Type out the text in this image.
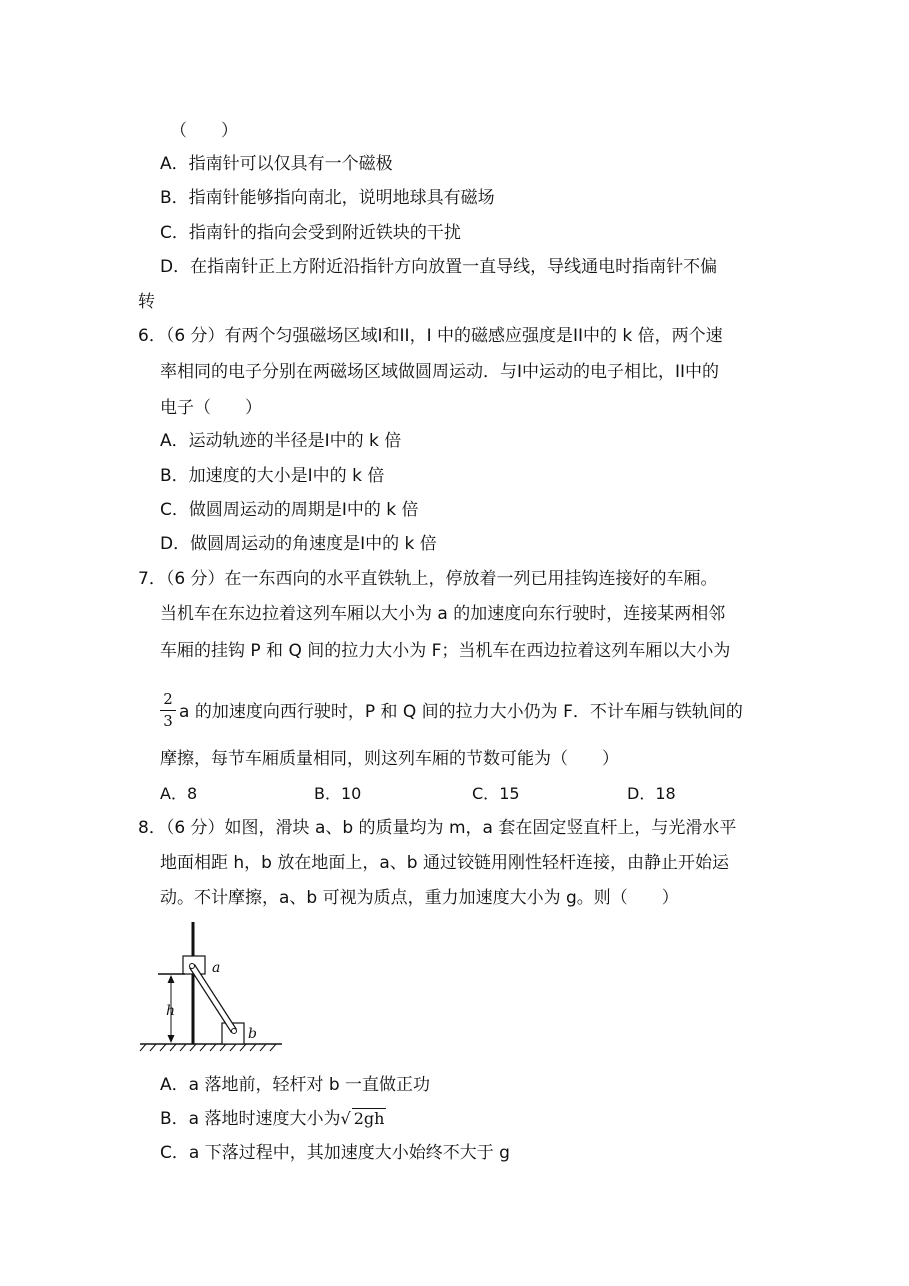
（　　）
A．指南针可以仅具有一个磁极
B．指南针能够指向南北，说明地球具有磁场
C．指南针的指向会受到附近铁块的干扰
D．在指南针正上方附近沿指针方向放置一直导线，导线通电时指南针不偏
转
6．（6 分）有两个匀强磁场区域I和II，I 中的磁感应强度是II中的 k 倍，两个速
率相同的电子分别在两磁场区域做圆周运动．与I中运动的电子相比，II中的
电子（　　）
A．运动轨迹的半径是I中的 k 倍
B．加速度的大小是I中的 k 倍
C．做圆周运动的周期是I中的 k 倍
D．做圆周运动的角速度是I中的 k 倍
7．（6 分）在一东西向的水平直铁轨上，停放着一列已用挂钩连接好的车厢。
当机车在东边拉着这列车厢以大小为 a 的加速度向东行驶时，连接某两相邻
车厢的挂钩 P 和 Q 间的拉力大小为 F；当机车在西边拉着这列车厢以大小为
$\frac{2}{3}$ a 的加速度向西行驶时，P 和 Q 间的拉力大小仍为 F．不计车厢与铁轨间的
摩擦，每节车厢质量相同，则这列车厢的节数可能为（　　）
A．8	B．10	C．15	D．18
8．（6 分）如图，滑块 a、b 的质量均为 m，a 套在固定竖直杆上，与光滑水平
地面相距 h，b 放在地面上，a、b 通过铰链用刚性轻杆连接，由静止开始运
动。不计摩擦，a、b 可视为质点，重力加速度大小为 g。则（　　）
h
a
b
A．a 落地前，轻杆对 b 一直做正功
B．a 落地时速度大小为√ 2gh
C．a 下落过程中，其加速度大小始终不大于 g
